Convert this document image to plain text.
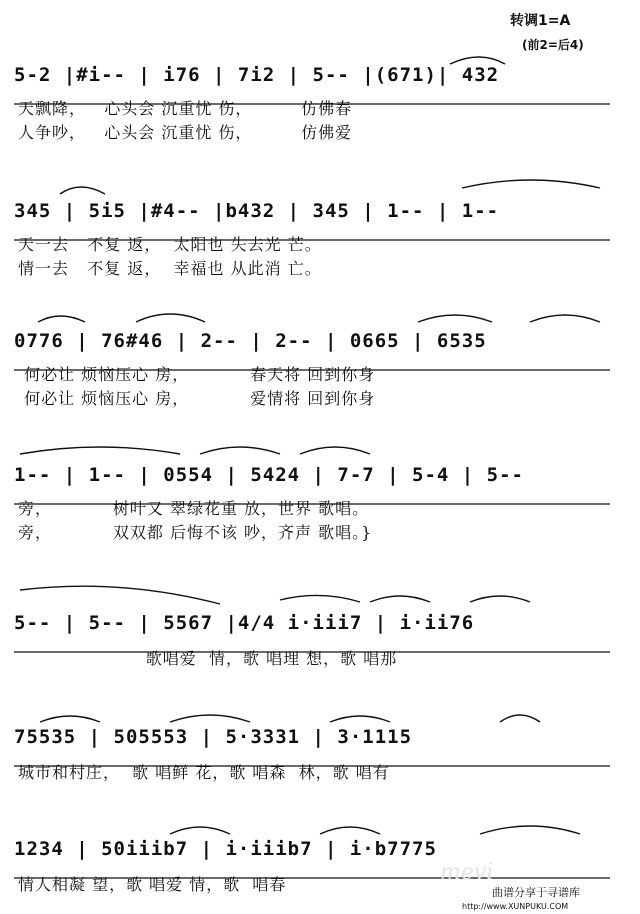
转调1=A
(前2=后4)
5-2 |#i-- | i76 | 7i2 | 5-- |(671)| 432
天飘降，   心头会 沉重忧 伤，        仿佛春
人争吵，   心头会 沉重忧 伤，        仿佛爱
345 | 5i5 |#4-- |b432 | 345 | 1-- | 1--
天一去   不复 返，  太阳也 失去光 芒。
情一去   不复 返，  幸福也 从此消 亡。
0776 | 76#46 | 2-- | 2-- | 0665 | 6535
何必让 烦恼压心 房，          春天将 回到你身
何必让 烦恼压心 房，          爱情将 回到你身
1-- | 1-- | 0554 | 5424 | 7-7 | 5-4 | 5--
旁，          树叶又 翠绿花重 放，世界 歌唱。
旁，          双双都 后悔不该 吵，齐声 歌唱。}
5-- | 5-- | 5567 |4/4 i·iii7 | i·ii76
歌唱爱  情，歌 唱理 想，歌 唱那
75535 | 505553 | 5·3331 | 3·1115
城市和村庄，  歌 唱鲜 花，歌 唱森  林，歌 唱有
1234 | 50iiib7 | i·iiib7 | i·b7775
情人相凝 望，歌 唱爱 情，歌  唱春	mevi
曲谱分享于寻谱库
http://www.XUNPUKU.COM
